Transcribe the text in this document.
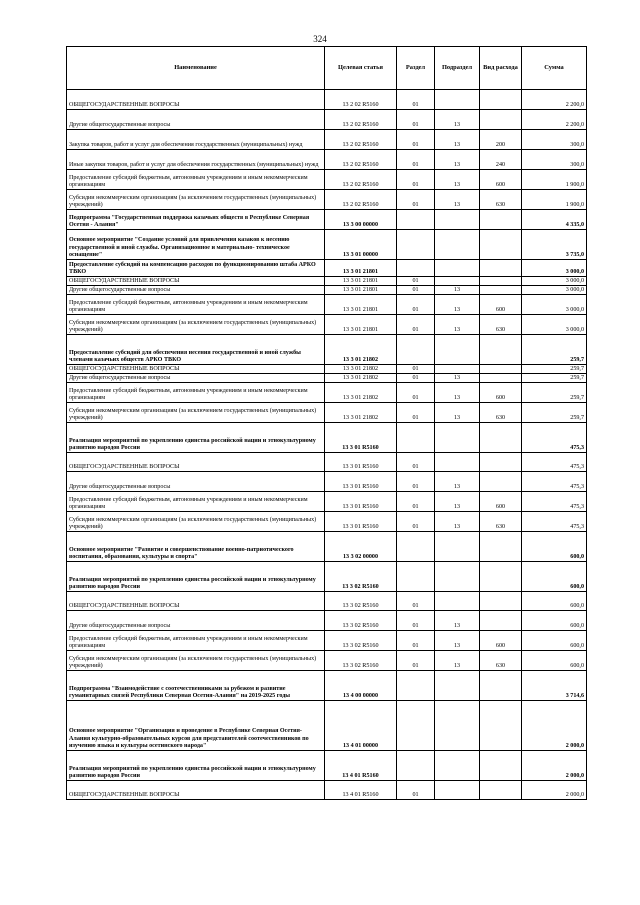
324
Наименование	Целевая статья	Раздел	Подраздел	Вид расхода	Сумма
ОБЩЕГОСУДАРСТВЕННЫЕ ВОПРОСЫ	13 2 02 R5160	01			2 200,0
Другие общегосударственные вопросы	13 2 02 R5160	01	13		2 200,0
Закупка товаров, работ и услуг для обеспечения государственных (муниципальных) нужд	13 2 02 R5160	01	13	200	300,0
Иные закупки товаров, работ и услуг для обеспечения государственных (муниципальных) нужд	13 2 02 R5160	01	13	240	300,0
Предоставление субсидий бюджетным, автономным учреждениям и иным некоммерческим организациям	13 2 02 R5160	01	13	600	1 900,0
Субсидии некоммерческим организациям (за исключением государственных (муниципальных) учреждений)	13 2 02 R5160	01	13	630	1 900,0
Подпрограмма "Государственная поддержка казачьих обществ в Республике Северная Осетия - Алания"	13 3 00 00000				4 335,0
Основное мероприятие "Создание условий для привлечения казаков к несению государственной и иной службы. Организационное и материально- техническое оснащение"	13 3 01 00000				3 735,0
Предоставление субсидий на компенсацию расходов по функционированию штаба АРКО ТВКО	13 3 01 21801				3 000,0
ОБЩЕГОСУДАРСТВЕННЫЕ ВОПРОСЫ	13 3 01 21801	01			3 000,0
Другие общегосударственные вопросы	13 3 01 21801	01	13		3 000,0
Предоставление субсидий бюджетным, автономным учреждениям и иным некоммерческим организациям	13 3 01 21801	01	13	600	3 000,0
Субсидии некоммерческим организациям (за исключением государственных (муниципальных) учреждений)	13 3 01 21801	01	13	630	3 000,0
Предоставление субсидий для обеспечения несения государственной и иной службы членами казачьих обществ АРКО ТВКО	13 3 01 21802				259,7
ОБЩЕГОСУДАРСТВЕННЫЕ ВОПРОСЫ	13 3 01 21802	01			259,7
Другие общегосударственные вопросы	13 3 01 21802	01	13		259,7
Предоставление субсидий бюджетным, автономным учреждениям и иным некоммерческим организациям	13 3 01 21802	01	13	600	259,7
Субсидии некоммерческим организациям (за исключением государственных (муниципальных) учреждений)	13 3 01 21802	01	13	630	259,7
Реализация мероприятий по укреплению единства российской нации и этнокультурному развитию народов России	13 3 01 R5160				475,3
ОБЩЕГОСУДАРСТВЕННЫЕ ВОПРОСЫ	13 3 01 R5160	01			475,3
Другие общегосударственные вопросы	13 3 01 R5160	01	13		475,3
Предоставление субсидий бюджетным, автономным учреждениям и иным некоммерческим организациям	13 3 01 R5160	01	13	600	475,3
Субсидии некоммерческим организациям (за исключением государственных (муниципальных) учреждений)	13 3 01 R5160	01	13	630	475,3
Основное мероприятие "Развитие и совершенствование военно-патриотического воспитания, образования, культуры и спорта"	13 3 02 00000				600,0
Реализация мероприятий по укреплению единства российской нации и этнокультурному развитию народов России	13 3 02 R5160				600,0
ОБЩЕГОСУДАРСТВЕННЫЕ ВОПРОСЫ	13 3 02 R5160	01			600,0
Другие общегосударственные вопросы	13 3 02 R5160	01	13		600,0
Предоставление субсидий бюджетным, автономным учреждениям и иным некоммерческим организациям	13 3 02 R5160	01	13	600	600,0
Субсидии некоммерческим организациям (за исключением государственных (муниципальных) учреждений)	13 3 02 R5160	01	13	630	600,0
Подпрограмма "Взаимодействие с соотечественниками за рубежом и развитие гуманитарных связей Республики Северная Осетия-Алания" на 2019-2025 годы	13 4 00 00000				3 714,6
Основное мероприятие "Организация и проведение в Республике Северная Осетия-Алания культурно-образовательных курсов для представителей соотечественников по изучению языка и культуры осетинского народа"	13 4 01 00000				2 000,0
Реализация мероприятий по укреплению единства российской нации и этнокультурному развитию народов России	13 4 01 R5160				2 000,0
ОБЩЕГОСУДАРСТВЕННЫЕ ВОПРОСЫ	13 4 01 R5160	01			2 000,0
